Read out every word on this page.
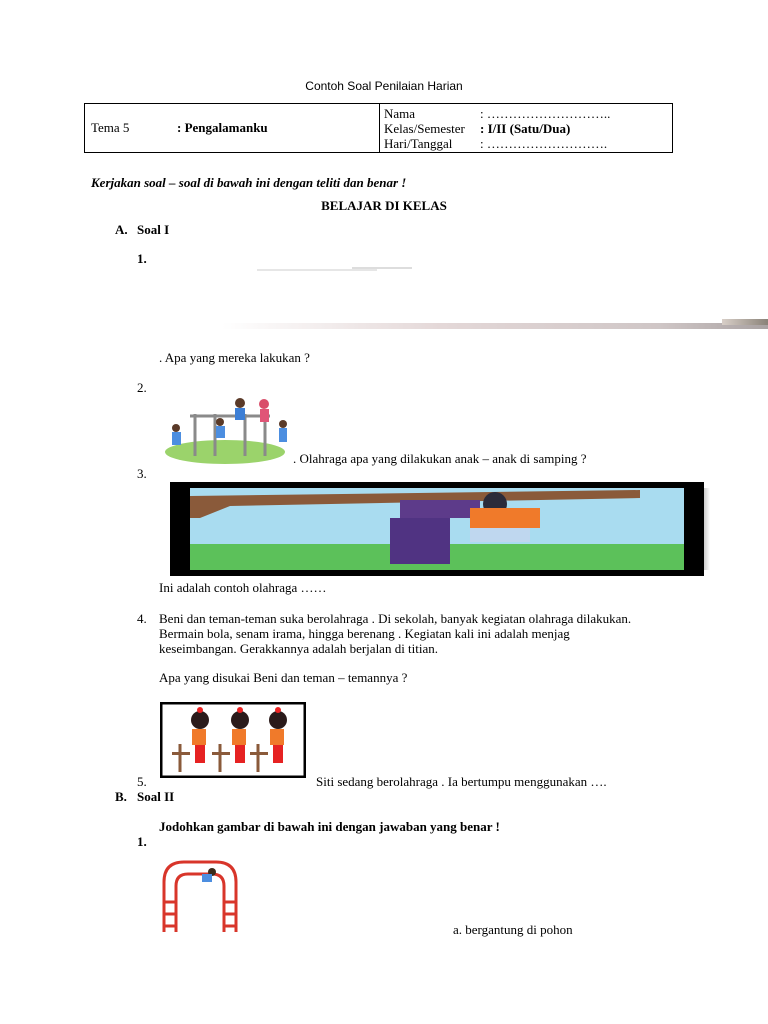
Contoh Soal Penilaian Harian
Tema 5	: Pengalamanku	
Nama	: ………………………..
Kelas/Semester : I/II (Satu/Dua)
Hari/Tanggal : ……………………….
Kerjakan soal – soal di bawah ini dengan teliti dan benar !
BELAJAR DI KELAS
A. Soal I
1.
. Apa yang mereka lakukan ?
2.
. Olahraga apa yang dilakukan anak – anak di samping ?
3.
Ini adalah contoh olahraga ……
4. Beni dan teman-teman suka berolahraga . Di sekolah, banyak kegiatan olahraga dilakukan.
Bermain bola, senam irama, hingga berenang . Kegiatan kali ini adalah menjag
keseimbangan. Gerakkannya adalah berjalan di titian.
Apa yang disukai Beni dan teman – temannya ?
5.	Siti sedang berolahraga . Ia bertumpu menggunakan ….
B. Soal II
Jodohkan gambar di bawah ini dengan jawaban yang benar !
1.
a. bergantung di pohon
